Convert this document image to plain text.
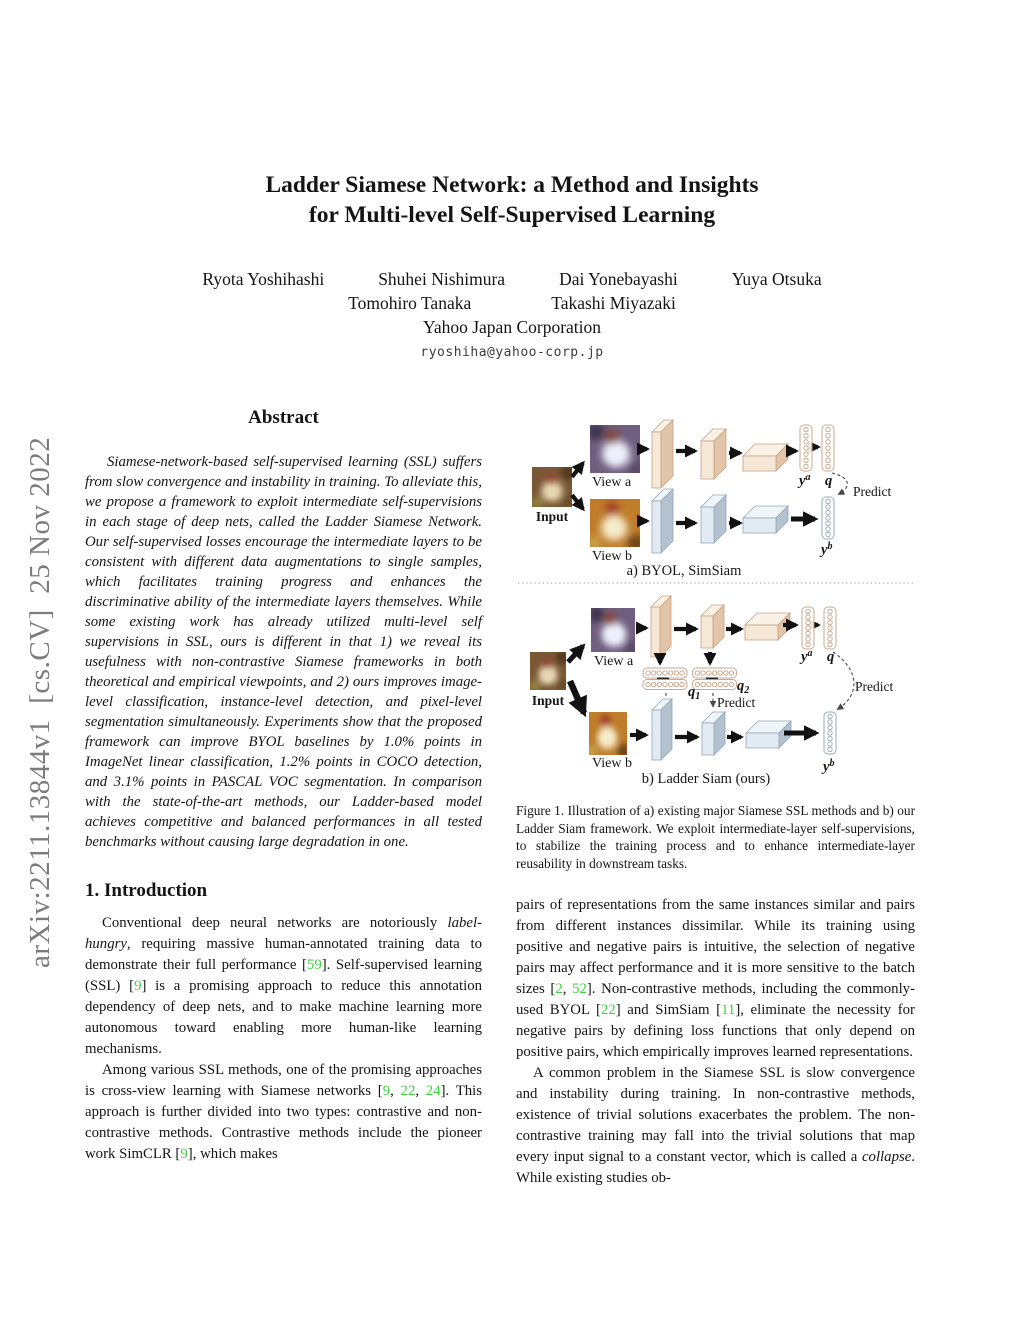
arXiv:2211.13844v1  [cs.CV]  25 Nov 2022
Ladder Siamese Network: a Method and Insights
for Multi-level Self-Supervised Learning
Ryota Yoshihashi	Shuhei Nishimura	Dai Yonebayashi	Yuya Otsuka
Tomohiro Tanaka	Takashi Miyazaki
Yahoo Japan Corporation
ryoshiha@yahoo-corp.jp
Abstract

Siamese-network-based self-supervised learning (SSL) suffers from slow convergence and instability in training. To alleviate this, we propose a framework to exploit intermediate self-supervisions in each stage of deep nets, called the Ladder Siamese Network. Our self-supervised losses encourage the intermediate layers to be consistent with different data augmentations to single samples, which facilitates training progress and enhances the discriminative ability of the intermediate layers themselves. While some existing work has already utilized multi-level self supervisions in SSL, ours is different in that 1) we reveal its usefulness with non-contrastive Siamese frameworks in both theoretical and empirical viewpoints, and 2) ours improves image-level classification, instance-level detection, and pixel-level segmentation simultaneously. Experiments show that the proposed framework can improve BYOL baselines by 1.0% points in ImageNet linear classification, 1.2% points in COCO detection, and 3.1% points in PASCAL VOC segmentation. In comparison with the state-of-the-art methods, our Ladder-based model achieves competitive and balanced performances in all tested benchmarks without causing large degradation in one.

1. Introduction

Conventional deep neural networks are notoriously label-hungry, requiring massive human-annotated training data to demonstrate their full performance [59]. Self-supervised learning (SSL) [9] is a promising approach to reduce this annotation dependency of deep nets, and to make machine learning more autonomous toward enabling more human-like learning mechanisms.

Among various SSL methods, one of the promising approaches is cross-view learning with Siamese networks [9, 22, 24]. This approach is further divided into two types: contrastive and non-contrastive methods. Contrastive methods include the pioneer work SimCLR [9], which makes

Input
View a
View b
$y^a$ q
$y^b$
Predict
a) BYOL, SimSiam
Input
View a
View b
$q_1$
$q_2$
Predict
$y^a$ q
$y^b$
Predict
b) Ladder Siam (ours)
Figure 1. Illustration of a) existing major Siamese SSL methods and b) our Ladder Siam framework. We exploit intermediate-layer self-supervisions, to stabilize the training process and to enhance intermediate-layer reusability in downstream tasks.

pairs of representations from the same instances similar and pairs from different instances dissimilar. While its training using positive and negative pairs is intuitive, the selection of negative pairs may affect performance and it is more sensitive to the batch sizes [2, 52]. Non-contrastive methods, including the commonly-used BYOL [22] and SimSiam [11], eliminate the necessity for negative pairs by defining loss functions that only depend on positive pairs, which empirically improves learned representations.

A common problem in the Siamese SSL is slow convergence and instability during training. In non-contrastive methods, existence of trivial solutions exacerbates the problem. The non-contrastive training may fall into the trivial solutions that map every input signal to a constant vector, which is called a collapse. While existing studies ob-
